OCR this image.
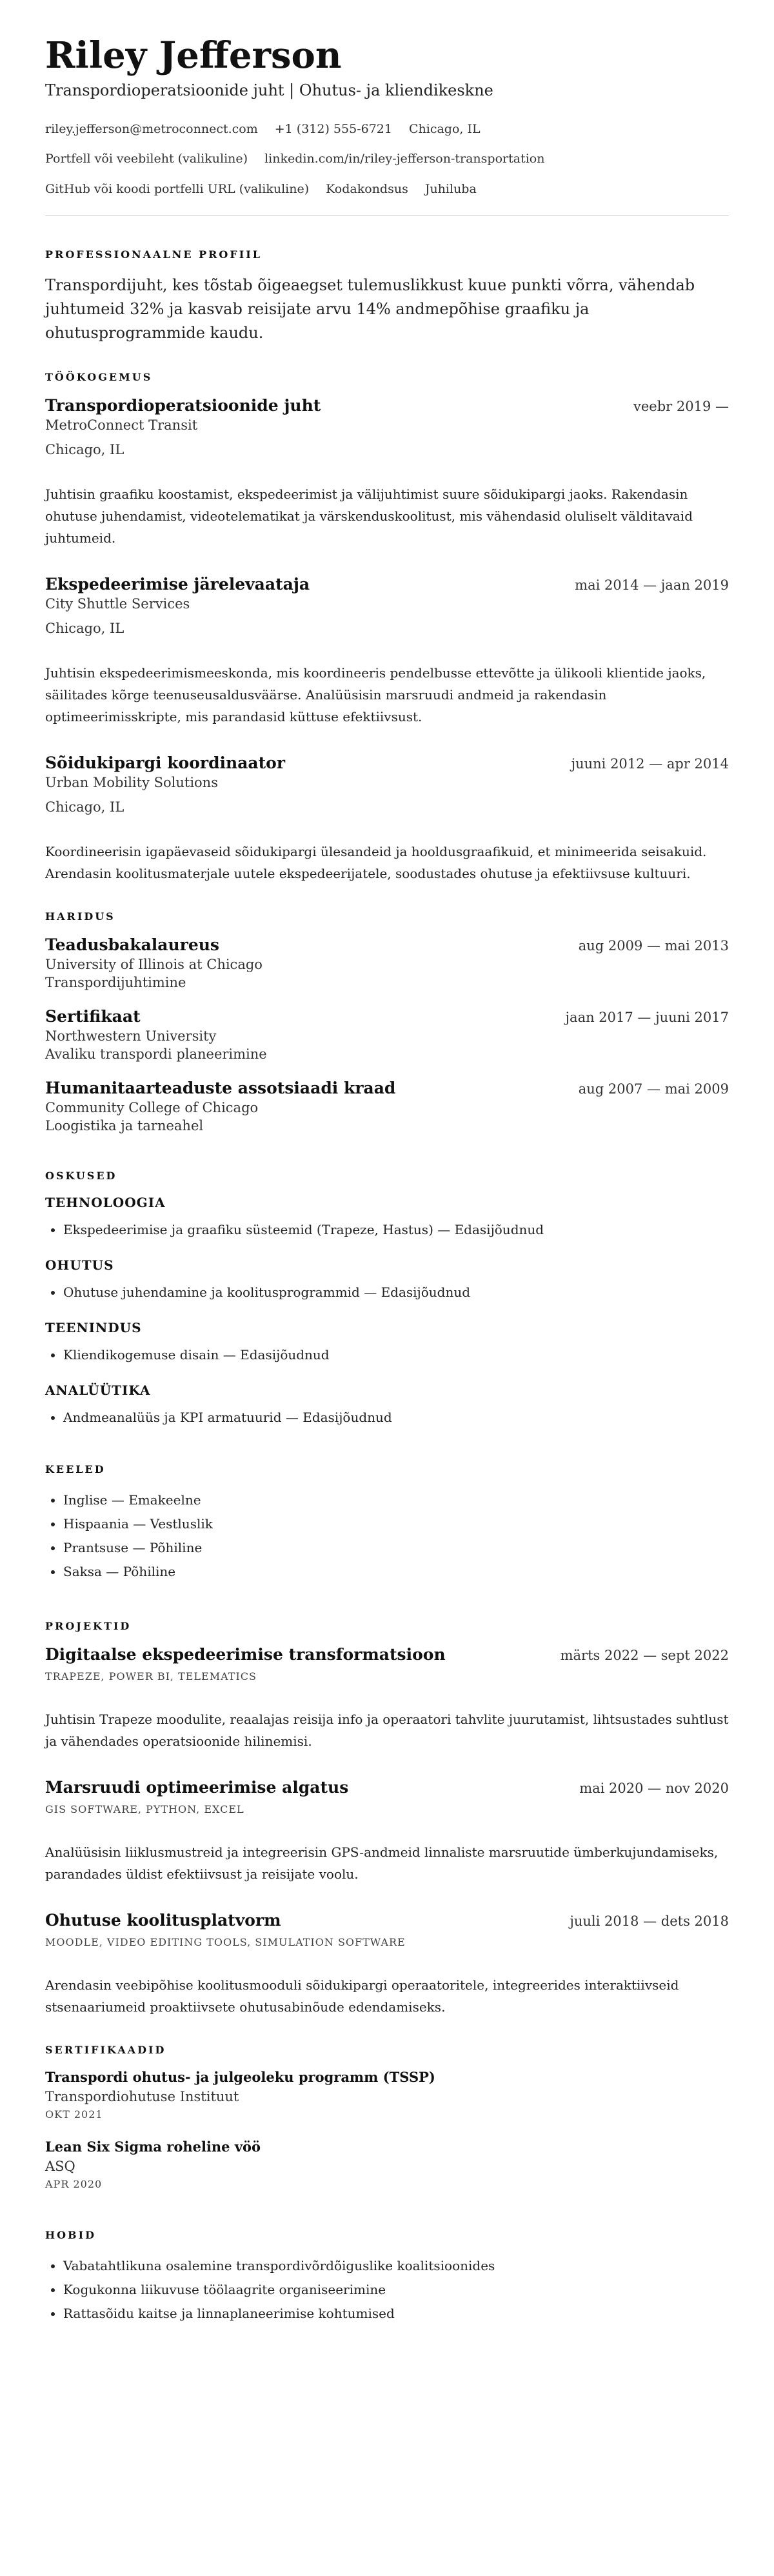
Riley Jefferson
Transpordioperatsioonide juht | Ohutus- ja kliendikeskne
riley.jefferson@metroconnect.com +1 (312) 555-6721 Chicago, IL
Portfell või veebileht (valikuline) linkedin.com/in/riley-jefferson-transportation
GitHub või koodi portfelli URL (valikuline) Kodakondsus Juhiluba
PROFESSIONAALNE PROFIIL
Transpordijuht, kes tõstab õigeaegset tulemuslikkust kuue punkti võrra, vähendab juhtumeid 32% ja kasvab reisijate arvu 14% andmepõhise graafiku ja ohutusprogrammide kaudu.
TÖÖKOGEMUS
Transpordioperatsioonide juht	veebr 2019 —
MetroConnect Transit
Chicago, IL
Juhtisin graafiku koostamist, ekspedeerimist ja välijuhtimist suure sõidukipargi jaoks. Rakendasin ohutuse juhendamist, videotelematikat ja värskenduskoolitust, mis vähendasid oluliselt välditavaid juhtumeid.
Ekspedeerimise järelevaataja	mai 2014 — jaan 2019
City Shuttle Services
Chicago, IL
Juhtisin ekspedeerimismeeskonda, mis koordineeris pendelbusse ettevõtte ja ülikooli klientide jaoks, säilitades kõrge teenuseusaldusväärse. Analüüsisin marsruudi andmeid ja rakendasin optimeerimisskripte, mis parandasid küttuse efektiivsust.
Sõidukipargi koordinaator	juuni 2012 — apr 2014
Urban Mobility Solutions
Chicago, IL
Koordineerisin igapäevaseid sõidukipargi ülesandeid ja hooldusgraafikuid, et minimeerida seisakuid. Arendasin koolitusmaterjale uutele ekspedeerijatele, soodustades ohutuse ja efektiivsuse kultuuri.
HARIDUS
Teadusbakalaureus	aug 2009 — mai 2013
University of Illinois at Chicago
Transpordijuhtimine
Sertifikaat	jaan 2017 — juuni 2017
Northwestern University
Avaliku transpordi planeerimine
Humanitaarteaduste assotsiaadi kraad	aug 2007 — mai 2009
Community College of Chicago
Loogistika ja tarneahel
OSKUSED
TEHNOLOOGIA
• Ekspedeerimise ja graafiku süsteemid (Trapeze, Hastus) — Edasijõudnud
OHUTUS
• Ohutuse juhendamine ja koolitusprogrammid — Edasijõudnud
TEENINDUS
• Kliendikogemuse disain — Edasijõudnud
ANALÜÜTIKA
• Andmeanalüüs ja KPI armatuurid — Edasijõudnud
KEELED
• Inglise — Emakeelne
• Hispaania — Vestluslik
• Prantsuse — Põhiline
• Saksa — Põhiline
PROJEKTID
Digitaalse ekspedeerimise transformatsioon	märts 2022 — sept 2022
TRAPEZE, POWER BI, TELEMATICS
Juhtisin Trapeze moodulite, reaalajas reisija info ja operaatori tahvlite juurutamist, lihtsustades suhtlust ja vähendades operatsioonide hilinemisi.
Marsruudi optimeerimise algatus	mai 2020 — nov 2020
GIS SOFTWARE, PYTHON, EXCEL
Analüüsisin liiklusmustreid ja integreerisin GPS-andmeid linnaliste marsruutide ümberkujundamiseks, parandades üldist efektiivsust ja reisijate voolu.
Ohutuse koolitusplatvorm	juuli 2018 — dets 2018
MOODLE, VIDEO EDITING TOOLS, SIMULATION SOFTWARE
Arendasin veebipõhise koolitusmooduli sõidukipargi operaatoritele, integreerides interaktiivseid stsenaariumeid proaktiivsete ohutusabinõude edendamiseks.
SERTIFIKAADID
Transpordi ohutus- ja julgeoleku programm (TSSP)
Transpordiohutuse Instituut
OKT 2021
Lean Six Sigma roheline vöö
ASQ
APR 2020
HOBID
• Vabatahtlikuna osalemine transpordivõrdõiguslike koalitsioonides
• Kogukonna liikuvuse töölaagrite organiseerimine
• Rattasõidu kaitse ja linnaplaneerimise kohtumised
